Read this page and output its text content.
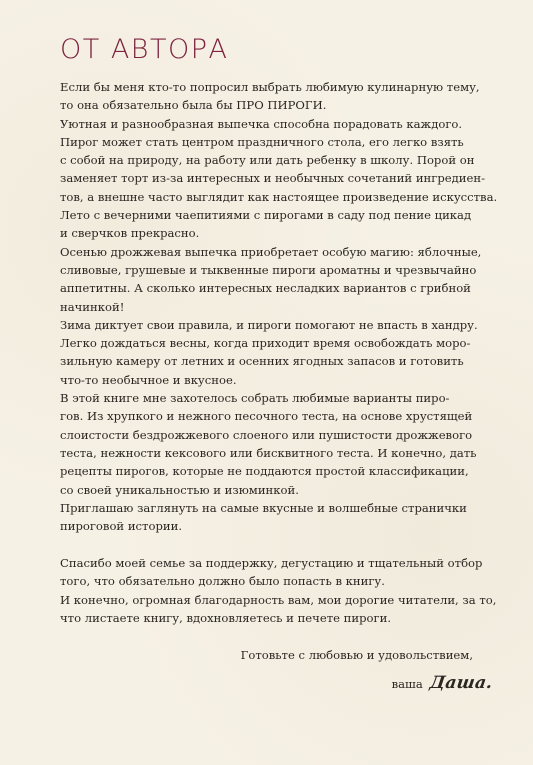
ОТ АВТОРА

Если бы меня кто-то попросил выбрать любимую кулинарную тему,

то она обязательно была бы ПРО ПИРОГИ.

Уютная и разнообразная выпечка способна порадовать каждого.

Пирог может стать центром праздничного стола, его легко взять

с собой на природу, на работу или дать ребенку в школу. Порой он

заменяет торт из-за интересных и необычных сочетаний ингредиен-

тов, а внешне часто выглядит как настоящее произведение искусства.

Лето с вечерними чаепитиями с пирогами в саду под пение цикад

и сверчков прекрасно.

Осенью дрожжевая выпечка приобретает особую магию: яблочные,

сливовые, грушевые и тыквенные пироги ароматны и чрезвычайно

аппетитны. А сколько интересных несладких вариантов с грибной

начинкой!

Зима диктует свои правила, и пироги помогают не впасть в хандру.

Легко дождаться весны, когда приходит время освобождать моро-

зильную камеру от летних и осенних ягодных запасов и готовить

что-то необычное и вкусное.

В этой книге мне захотелось собрать любимые варианты пиро-

гов. Из хрупкого и нежного песочного теста, на основе хрустящей

слоистости бездрожжевого слоеного или пушистости дрожжевого

теста, нежности кексового или бисквитного теста. И конечно, дать

рецепты пирогов, которые не поддаются простой классификации,

со своей уникальностью и изюминкой.

Приглашаю заглянуть на самые вкусные и волшебные странички

пироговой истории.

Спасибо моей семье за поддержку, дегустацию и тщательный отбор

того, что обязательно должно было попасть в книгу.

И конечно, огромная благодарность вам, мои дорогие читатели, за то,

что листаете книгу, вдохновляетесь и печете пироги.

Готовьте с любовью и удовольствием,
ваша Даша.
